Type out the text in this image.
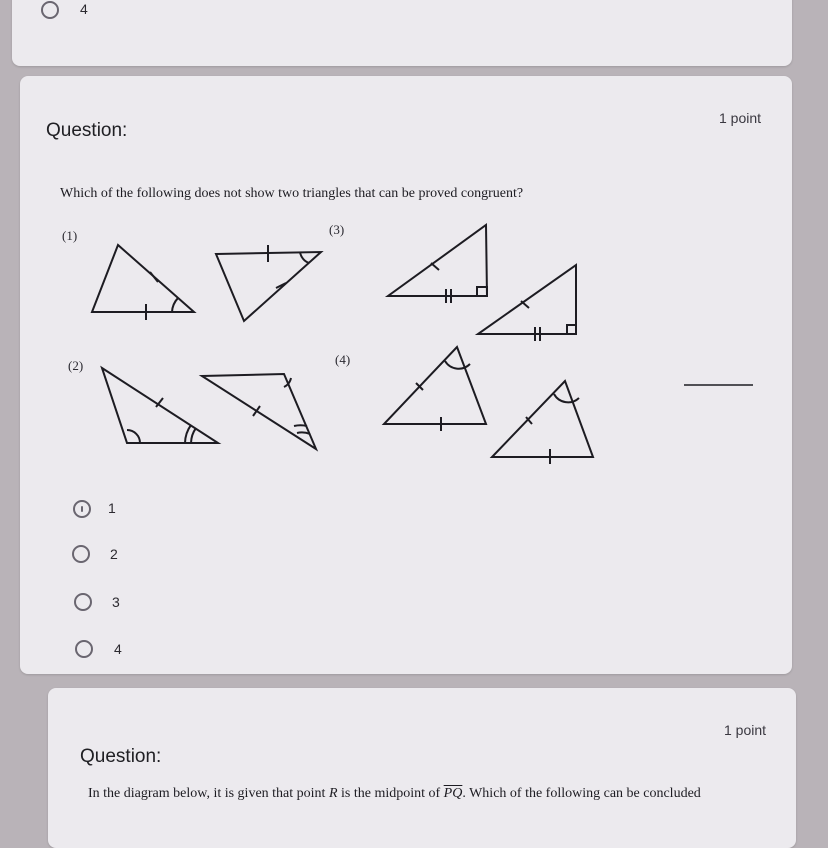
4
Question:
1 point
Which of the following does not show two triangles that can be proved congruent?
(1)
(2)
(3)
(4)
1
2
3
4
Question:
1 point
In the diagram below, it is given that point R is the midpoint of $\overline{PQ}$. Which of the following can be concluded
